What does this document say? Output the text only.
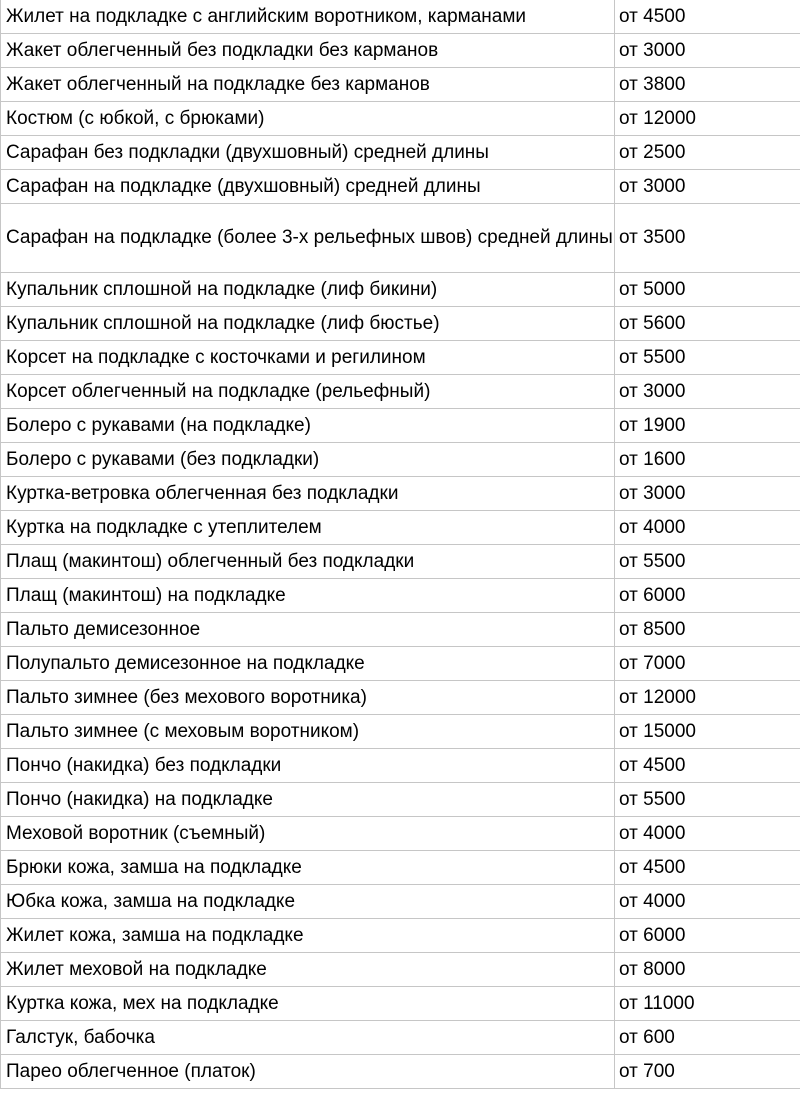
Жилет на подкладке с английским воротником, карманами	от 4500
Жакет облегченный без подкладки без карманов	от 3000
Жакет облегченный на подкладке без карманов	от 3800
Костюм (с юбкой, с брюками)	от 12000
Сарафан без подкладки (двухшовный) средней длины	от 2500
Сарафан на подкладке (двухшовный) средней длины	от 3000
Сарафан на подкладке (более 3-х рельефных швов) средней длины	от 3500
Купальник сплошной на подкладке (лиф бикини)	от 5000
Купальник сплошной на подкладке (лиф бюстье)	от 5600
Корсет на подкладке с косточками и регилином	от 5500
Корсет облегченный на подкладке (рельефный)	от 3000
Болеро с рукавами (на подкладке)	от 1900
Болеро с рукавами (без подкладки)	от 1600
Куртка-ветровка облегченная без подкладки	от 3000
Куртка на подкладке с утеплителем	от 4000
Плащ (макинтош) облегченный без подкладки	от 5500
Плащ (макинтош) на подкладке	от 6000
Пальто демисезонное	от 8500
Полупальто демисезонное на подкладке	от 7000
Пальто зимнее (без мехового воротника)	от 12000
Пальто зимнее (с меховым воротником)	от 15000
Пончо (накидка) без подкладки	от 4500
Пончо (накидка) на подкладке	от 5500
Меховой воротник (съемный)	от 4000
Брюки кожа, замша на подкладке	от 4500
Юбка кожа, замша на подкладке	от 4000
Жилет кожа, замша на подкладке	от 6000
Жилет меховой на подкладке	от 8000
Куртка кожа, мех на подкладке	от 11000
Галстук, бабочка	от 600
Парео облегченное (платок)	от 700
